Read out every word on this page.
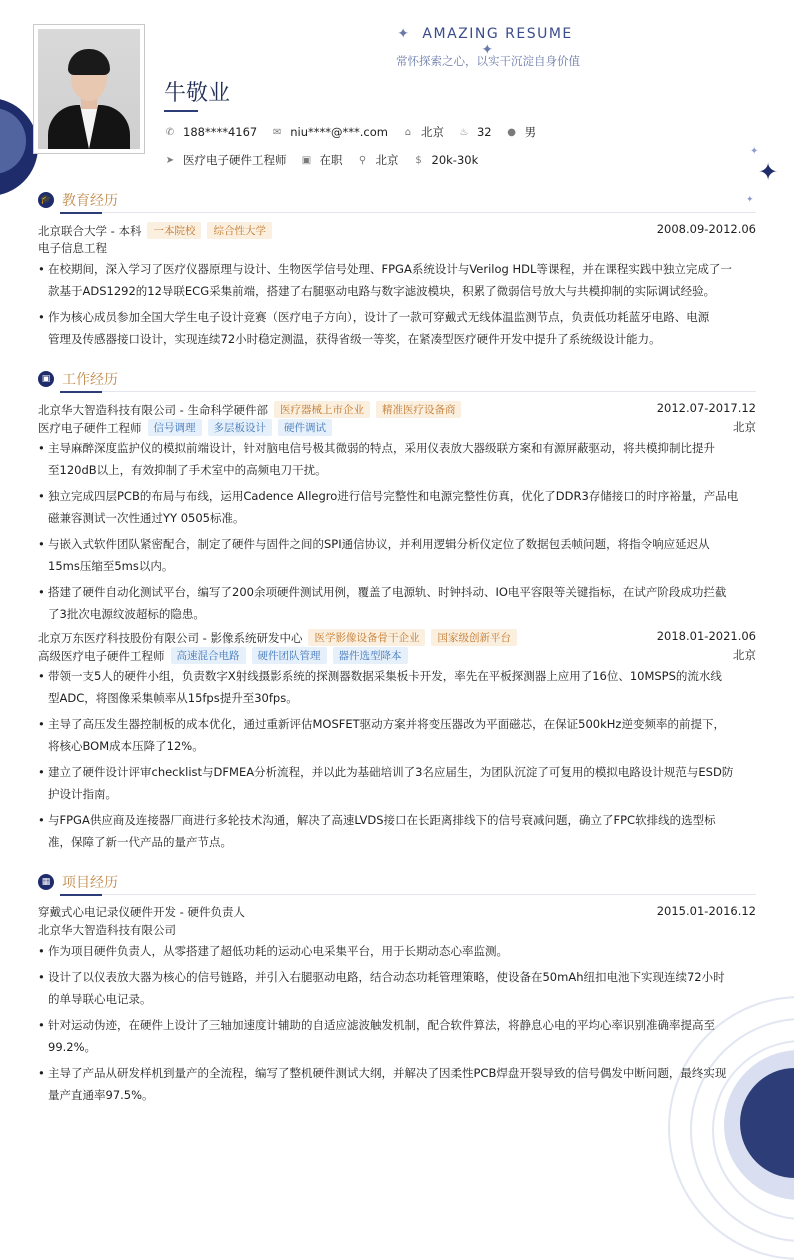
✦
✦
✦
✦ AMAZING RESUME ✦
常怀探索之心，以实干沉淀自身价值
牛敬业
✆ 188****4167 ✉ niu****@***.com ⌂ 北京 ♨ 32 ● 男
➤ 医疗电子硬件工程师 ▣ 在职 ⚲ 北京 $ 20k-30k
🎓 教育经历
北京联合大学 - 本科	一本院校	综合性大学	2008.09-2012.06
电子信息工程
• 在校期间，深入学习了医疗仪器原理与设计、生物医学信号处理、FPGA系统设计与Verilog HDL等课程，并在课程实践中独立完成了一
款基于ADS1292的12导联ECG采集前端，搭建了右腿驱动电路与数字滤波模块，积累了微弱信号放大与共模抑制的实际调试经验。
• 作为核心成员参加全国大学生电子设计竞赛（医疗电子方向），设计了一款可穿戴式无线体温监测节点，负责低功耗蓝牙电路、电源
管理及传感器接口设计，实现连续72小时稳定测温，获得省级一等奖，在紧凑型医疗硬件开发中提升了系统级设计能力。
▣ 工作经历
北京华大智造科技有限公司 - 生命科学硬件部	医疗器械上市企业	精准医疗设备商	2012.07-2017.12
医疗电子硬件工程师	信号调理	多层板设计	硬件调试	北京
• 主导麻醉深度监护仪的模拟前端设计，针对脑电信号极其微弱的特点，采用仪表放大器级联方案和有源屏蔽驱动，将共模抑制比提升
至120dB以上，有效抑制了手术室中的高频电刀干扰。
• 独立完成四层PCB的布局与布线，运用Cadence Allegro进行信号完整性和电源完整性仿真，优化了DDR3存储接口的时序裕量，产品电
磁兼容测试一次性通过YY 0505标准。
• 与嵌入式软件团队紧密配合，制定了硬件与固件之间的SPI通信协议，并利用逻辑分析仪定位了数据包丢帧问题，将指令响应延迟从
15ms压缩至5ms以内。
• 搭建了硬件自动化测试平台，编写了200余项硬件测试用例，覆盖了电源轨、时钟抖动、IO电平容限等关键指标，在试产阶段成功拦截
了3批次电源纹波超标的隐患。
北京万东医疗科技股份有限公司 - 影像系统研发中心	医学影像设备骨干企业	国家级创新平台	2018.01-2021.06
高级医疗电子硬件工程师	高速混合电路	硬件团队管理	器件选型降本	北京
• 带领一支5人的硬件小组，负责数字X射线摄影系统的探测器数据采集板卡开发，率先在平板探测器上应用了16位、10MSPS的流水线
型ADC，将图像采集帧率从15fps提升至30fps。
• 主导了高压发生器控制板的成本优化，通过重新评估MOSFET驱动方案并将变压器改为平面磁芯，在保证500kHz逆变频率的前提下，
将核心BOM成本压降了12%。
• 建立了硬件设计评审checklist与DFMEA分析流程，并以此为基础培训了3名应届生，为团队沉淀了可复用的模拟电路设计规范与ESD防
护设计指南。
• 与FPGA供应商及连接器厂商进行多轮技术沟通，解决了高速LVDS接口在长距离排线下的信号衰减问题，确立了FPC软排线的选型标
准，保障了新一代产品的量产节点。
▦ 项目经历
穿戴式心电记录仪硬件开发 - 硬件负责人	2015.01-2016.12
北京华大智造科技有限公司
• 作为项目硬件负责人，从零搭建了超低功耗的运动心电采集平台，用于长期动态心率监测。
• 设计了以仪表放大器为核心的信号链路，并引入右腿驱动电路，结合动态功耗管理策略，使设备在50mAh纽扣电池下实现连续72小时
的单导联心电记录。
• 针对运动伪迹，在硬件上设计了三轴加速度计辅助的自适应滤波触发机制，配合软件算法，将静息心电的平均心率识别准确率提高至
99.2%。
• 主导了产品从研发样机到量产的全流程，编写了整机硬件测试大纲，并解决了因柔性PCB焊盘开裂导致的信号偶发中断问题，最终实现
量产直通率97.5%。
